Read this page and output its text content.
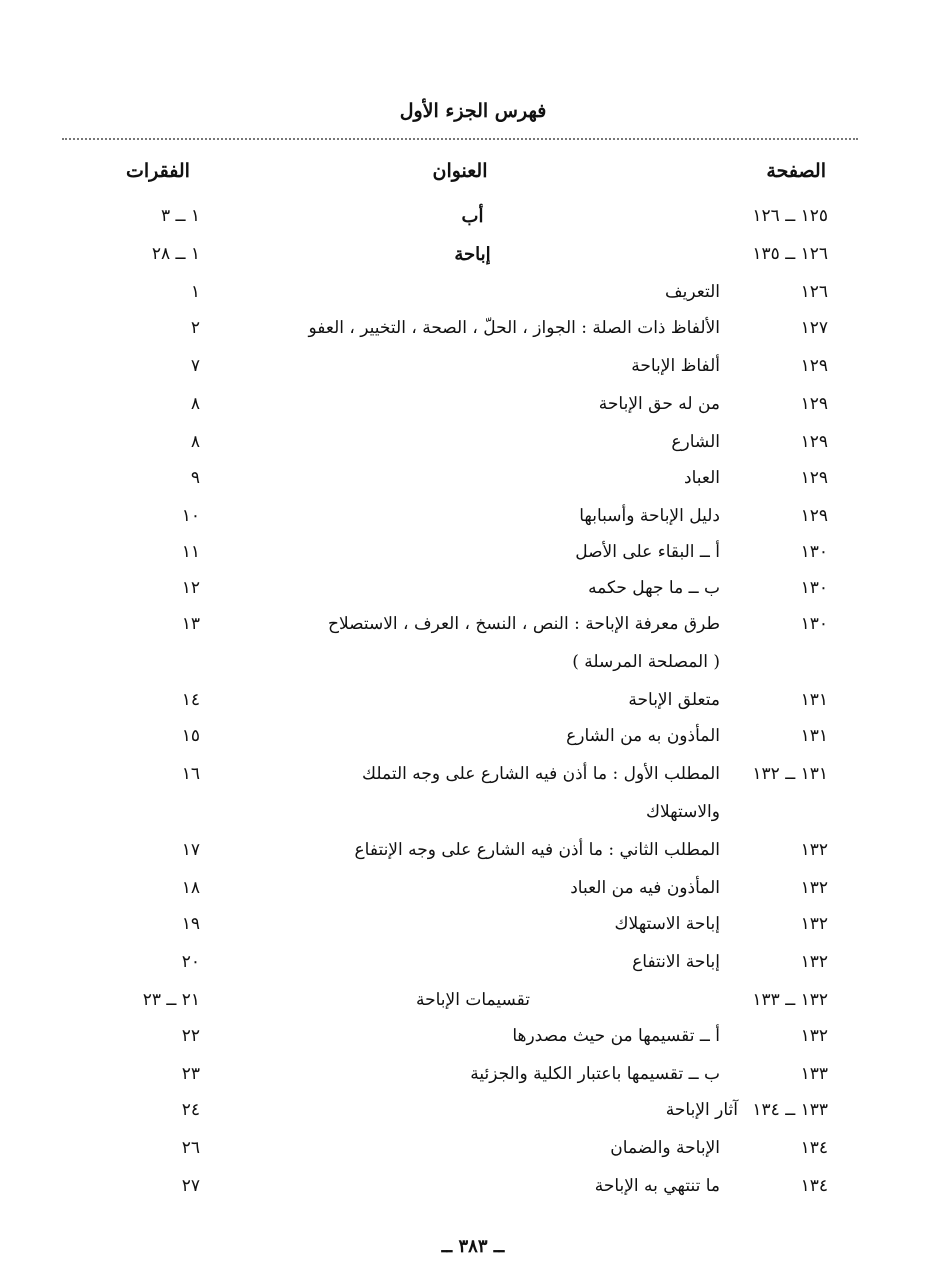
فهرس الجزء الأول
الصفحة
العنوان
الفقرات
١٢٥ ــ ١٢٦
أب
١ ــ ٣
١٢٦ ــ ١٣٥
إباحة
١ ــ ٢٨
١٢٦
التعريف
١
١٢٧
الألفاظ ذات الصلة : الجواز ، الحلّ ، الصحة ، التخيير ، العفو
٢
١٢٩
ألفاظ الإباحة
٧
١٢٩
من له حق الإباحة
٨
١٢٩
الشارع
٨
١٢٩
العباد
٩
١٢٩
دليل الإباحة وأسبابها
١٠
١٣٠
أ ــ البقاء على الأصل
١١
١٣٠
ب ــ ما جهل حكمه
١٢
١٣٠
طرق معرفة الإباحة : النص ، النسخ ، العرف ، الاستصلاح
١٣
( المصلحة المرسلة )
١٣١
متعلق الإباحة
١٤
١٣١
المأذون به من الشارع
١٥
١٣١ ــ ١٣٢
المطلب الأول : ما أذن فيه الشارع على وجه التملك
١٦
والاستهلاك
١٣٢
المطلب الثاني : ما أذن فيه الشارع على وجه الإنتفاع
١٧
١٣٢
المأذون فيه من العباد
١٨
١٣٢
إباحة الاستهلاك
١٩
١٣٢
إباحة الانتفاع
٢٠
١٣٢ ــ ١٣٣
تقسيمات الإباحة
٢١ ــ ٢٣
١٣٢
أ ــ تقسيمها من حيث مصدرها
٢٢
١٣٣
ب ــ تقسيمها باعتبار الكلية والجزئية
٢٣
١٣٣ ــ ١٣٤
آثار الإباحة
٢٤
١٣٤
الإباحة والضمان
٢٦
١٣٤
ما تنتهي به الإباحة
٢٧
ــ ٣٨٣ ــ
